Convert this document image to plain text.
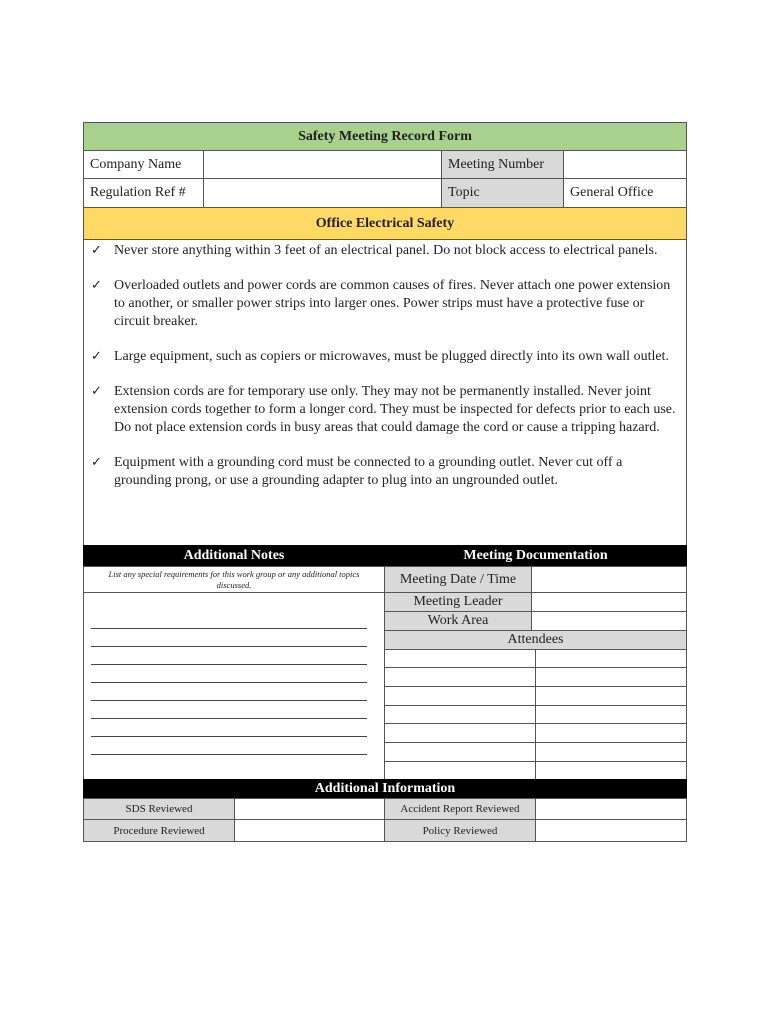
Safety Meeting Record Form
Company Name	Meeting Number
Regulation Ref #	Topic	General Office
Office Electrical Safety
✓ Never store anything within 3 feet of an electrical panel. Do not block access to electrical panels.
✓ Overloaded outlets and power cords are common causes of fires. Never attach one power extension to another, or smaller power strips into larger ones. Power strips must have a protective fuse or circuit breaker.
✓ Large equipment, such as copiers or microwaves, must be plugged directly into its own wall outlet.
✓ Extension cords are for temporary use only. They may not be permanently installed. Never joint extension cords together to form a longer cord. They must be inspected for defects prior to each use. Do not place extension cords in busy areas that could damage the cord or cause a tripping hazard.
✓ Equipment with a grounding cord must be connected to a grounding outlet. Never cut off a grounding prong, or use a grounding adapter to plug into an ungrounded outlet.
Additional Notes	Meeting Documentation
List any special requirements for this work group or any additional topics discussed.	Meeting Date / Time
Meeting Leader
Work Area
Attendees
Additional Information
SDS Reviewed	Accident Report Reviewed
Procedure Reviewed	Policy Reviewed
